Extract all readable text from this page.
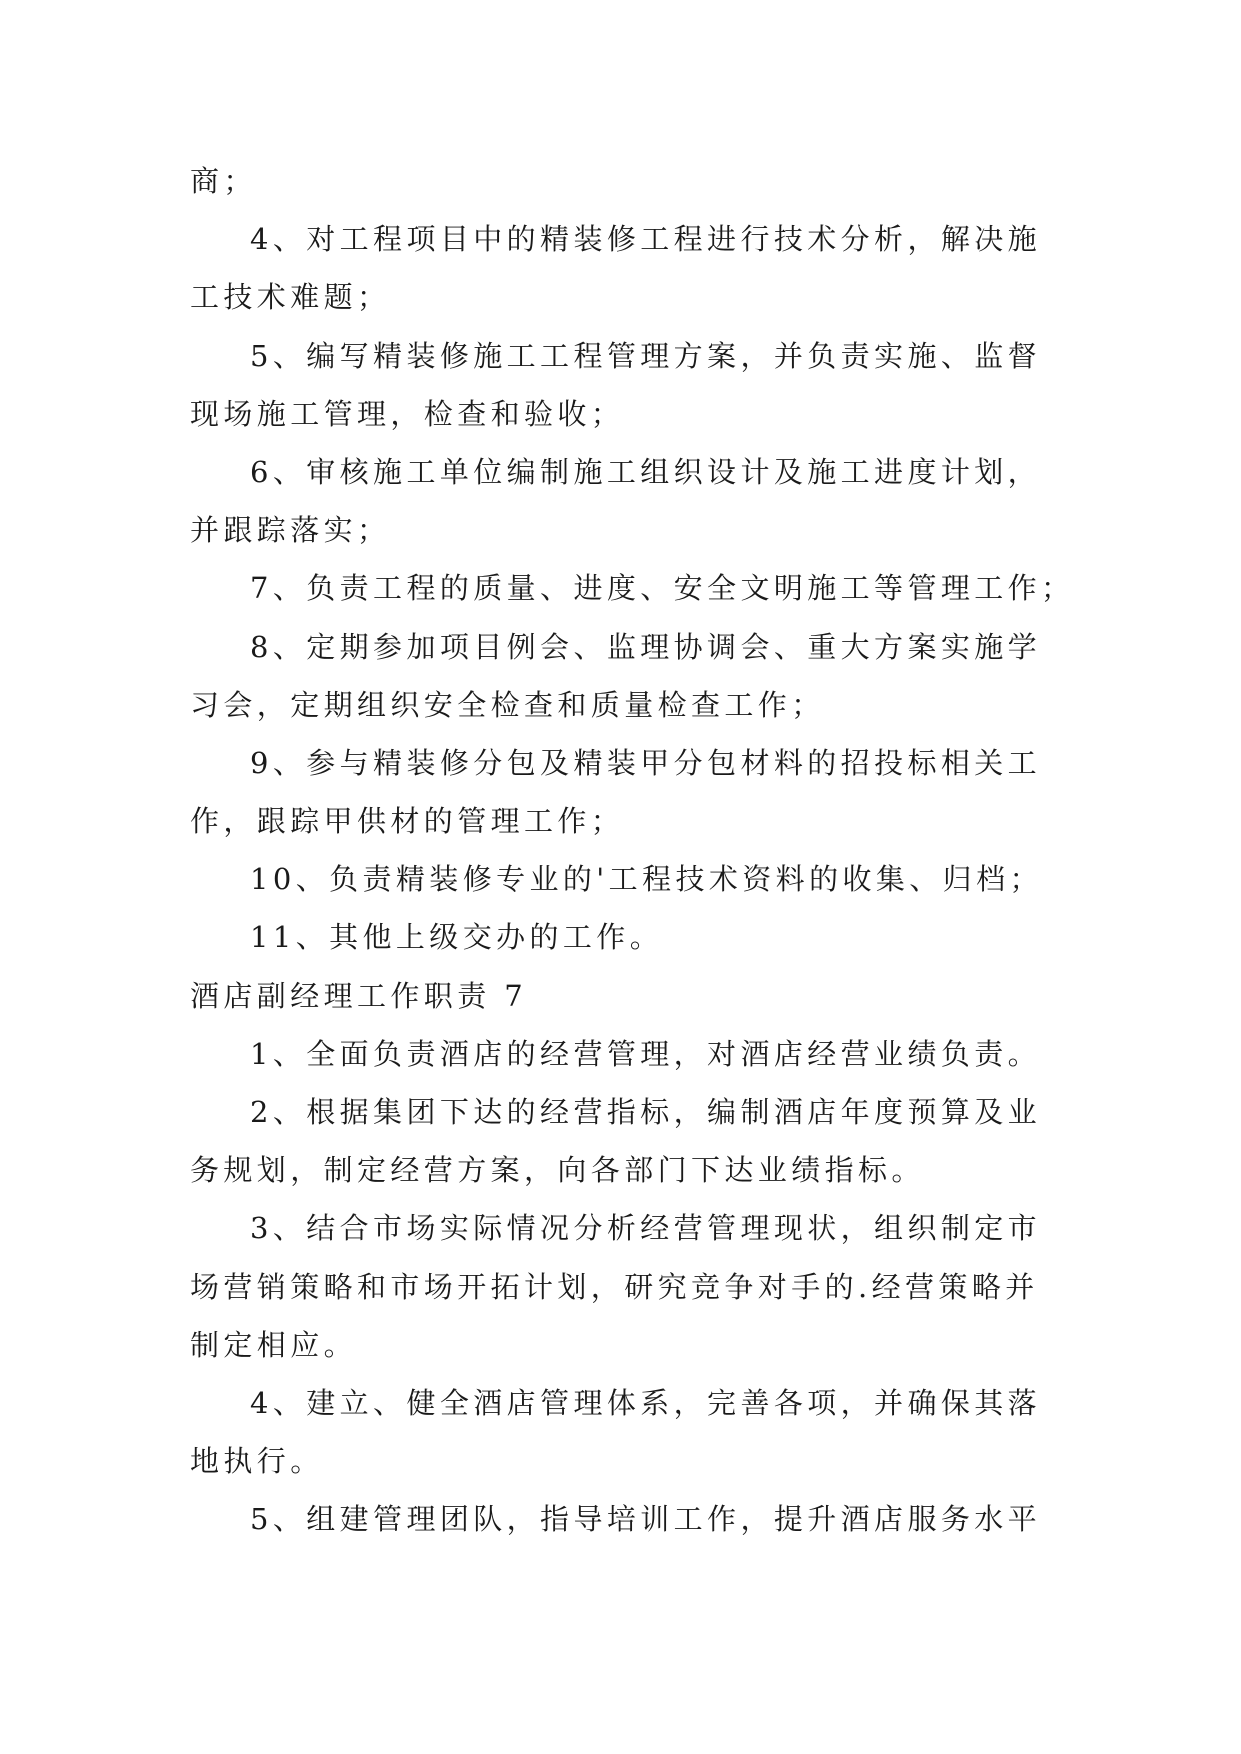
商；
4、对工程项目中的精装修工程进行技术分析，解决施
工技术难题；
5、编写精装修施工工程管理方案，并负责实施、监督
现场施工管理，检查和验收；
6、审核施工单位编制施工组织设计及施工进度计划，
并跟踪落实；
7、负责工程的质量、进度、安全文明施工等管理工作；
8、定期参加项目例会、监理协调会、重大方案实施学
习会，定期组织安全检查和质量检查工作；
9、参与精装修分包及精装甲分包材料的招投标相关工
作，跟踪甲供材的管理工作；
10、负责精装修专业的'工程技术资料的收集、归档；
11、其他上级交办的工作。
酒店副经理工作职责 7
1、全面负责酒店的经营管理，对酒店经营业绩负责。
2、根据集团下达的经营指标，编制酒店年度预算及业
务规划，制定经营方案，向各部门下达业绩指标。
3、结合市场实际情况分析经营管理现状，组织制定市
场营销策略和市场开拓计划，研究竞争对手的.经营策略并
制定相应。
4、建立、健全酒店管理体系，完善各项，并确保其落
地执行。
5、组建管理团队，指导培训工作，提升酒店服务水平
